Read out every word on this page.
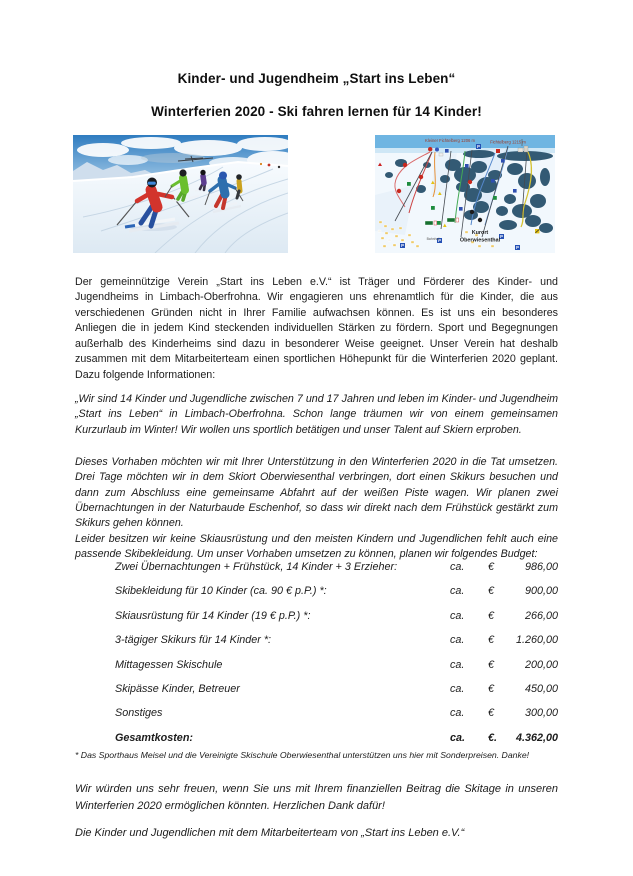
Kinder- und Jugendheim „Start ins Leben“
Winterferien 2020 - Ski fahren lernen für 14 Kinder!
P
P
P
P
P
Kleiner Fichtelberg 1206 m	Fichtelberg 1215 m
Kurort
Oberwiesenthal
Bahnhof

Der gemeinnützige Verein „Start ins Leben e.V.“ ist Träger und Förderer des Kinder- und Jugendheims in Limbach-Oberfrohna. Wir engagieren uns ehrenamtlich für die Kinder, die aus verschiedenen Gründen nicht in Ihrer Familie aufwachsen können. Es ist uns ein besonderes Anliegen die in jedem Kind steckenden individuellen Stärken zu fördern. Sport und Begegnungen außerhalb des Kinderheims sind dazu in besonderer Weise geeignet. Unser Verein hat deshalb zusammen mit dem Mitarbeiterteam einen sportlichen Höhepunkt für die Winterferien 2020 geplant. Dazu folgende Informationen:

„Wir sind 14 Kinder und Jugendliche zwischen 7 und 17 Jahren und leben im Kinder- und Jugendheim „Start ins Leben“ in Limbach-Oberfrohna. Schon lange träumen wir von einem gemeinsamen Kurzurlaub im Winter! Wir wollen uns sportlich betätigen und unser Talent auf Skiern erproben.

Dieses Vorhaben möchten wir mit Ihrer Unterstützung in den Winterferien 2020 in die Tat umsetzen. Drei Tage möchten wir in dem Skiort Oberwiesenthal verbringen, dort einen Skikurs besuchen und dann zum Abschluss eine gemeinsame Abfahrt auf der weißen Piste wagen. Wir planen zwei Übernachtungen in der Naturbaude Eschenhof, so dass wir direkt nach dem Frühstück gestärkt zum Skikurs gehen können.

Leider besitzen wir keine Skiausrüstung und den meisten Kindern und Jugendlichen fehlt auch eine passende Skibekleidung. Um unser Vorhaben umsetzen zu können, planen wir folgendes Budget:

Zwei Übernachtungen + Frühstück, 14 Kinder + 3 Erzieher:	ca.	€	986,00
Skibekleidung für 10 Kinder (ca. 90 € p.P.) *:	ca.	€	900,00
Skiausrüstung für 14 Kinder (19 € p.P.) *:	ca.	€	266,00
3-tägiger Skikurs für 14 Kinder *:	ca.	€	1.260,00
Mittagessen Skischule	ca.	€	200,00
Skipässe Kinder, Betreuer	ca.	€	450,00
Sonstiges	ca.	€	300,00
Gesamtkosten:	ca.	€.	4.362,00
* Das Sporthaus Meisel und die Vereinigte Skischule Oberwiesenthal unterstützen uns hier mit Sonderpreisen. Danke!

Wir würden uns sehr freuen, wenn Sie uns mit Ihrem finanziellen Beitrag die Skitage in unseren Winterferien 2020 ermöglichen könnten. Herzlichen Dank dafür!

Die Kinder und Jugendlichen mit dem Mitarbeiterteam von „Start ins Leben e.V.“
